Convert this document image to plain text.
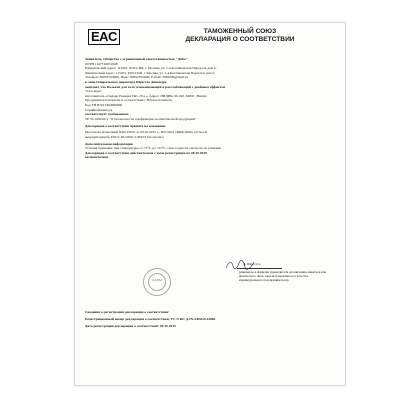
EAC	ТАМОЖЕННЫЙ СОЮЗ
ДЕКЛАРАЦИЯ О СООТВЕТСТВИИ
Заявитель, Общество с ограниченной ответственностью "Дабм"
ОГРН 1147746031848
Юридический адрес: 115201, РОССИЯ, г. Москва, ул. 1-я Котляковская Переулок дом 2,
Фактический адрес: 115201, РОССИЯ, г. Москва, ул. 1-я Котляковская Переулок дом 2,
Телефон: 84952763990, Факс: 84952762090, E-mail: 5082588@mail.ru
в лице Генерального директора Шрестха Дипендра
заявляет, что Бальзам для тела успокаивающий и расслабляющий с двойным эффектом
"алоэ вера"
изготовитель «Сидлер Ремедиз Пвт. Лтд.», Адрес: ИНДИЯ, М-190, MIDC, Ваduja
Продукция изготовлена в соответствии с НД изготовителя
Код ТН ВЭД 3304990000
Серийный выпуск
соответствует требованиям
ТР ТС 009/2011 "О безопасности парфюмерно-косметической продукции"
Декларация о соответствии принята на основании
Протокола испытаний №80 25052 от 09.10.2015 г., ИЛ ООО «ЦКК ОКБ» (аттестат
аккредитации № РОСС RU.0001.21ПК73 бессрочно)
Дополнительная информация
Условия хранения: при температуре от +5°С до +25°С, срок годности смотреть на упаковке
Декларация о соответствии действительна с даты регистрации по 08.10.2020
включительно
ДАБМ
Д. Шрестха
(инициалы и фамилия руководителя организации-заявителя или физического лица, зарегистрированного в качестве индивидуального предпринимателя)
Сведения о регистрации декларации о соответствии:
Регистрационный номер декларации о соответствии: ТС N RU Д-IN.АВ35.В.22866
Дата регистрации декларации о соответствии: 09.10.2015
